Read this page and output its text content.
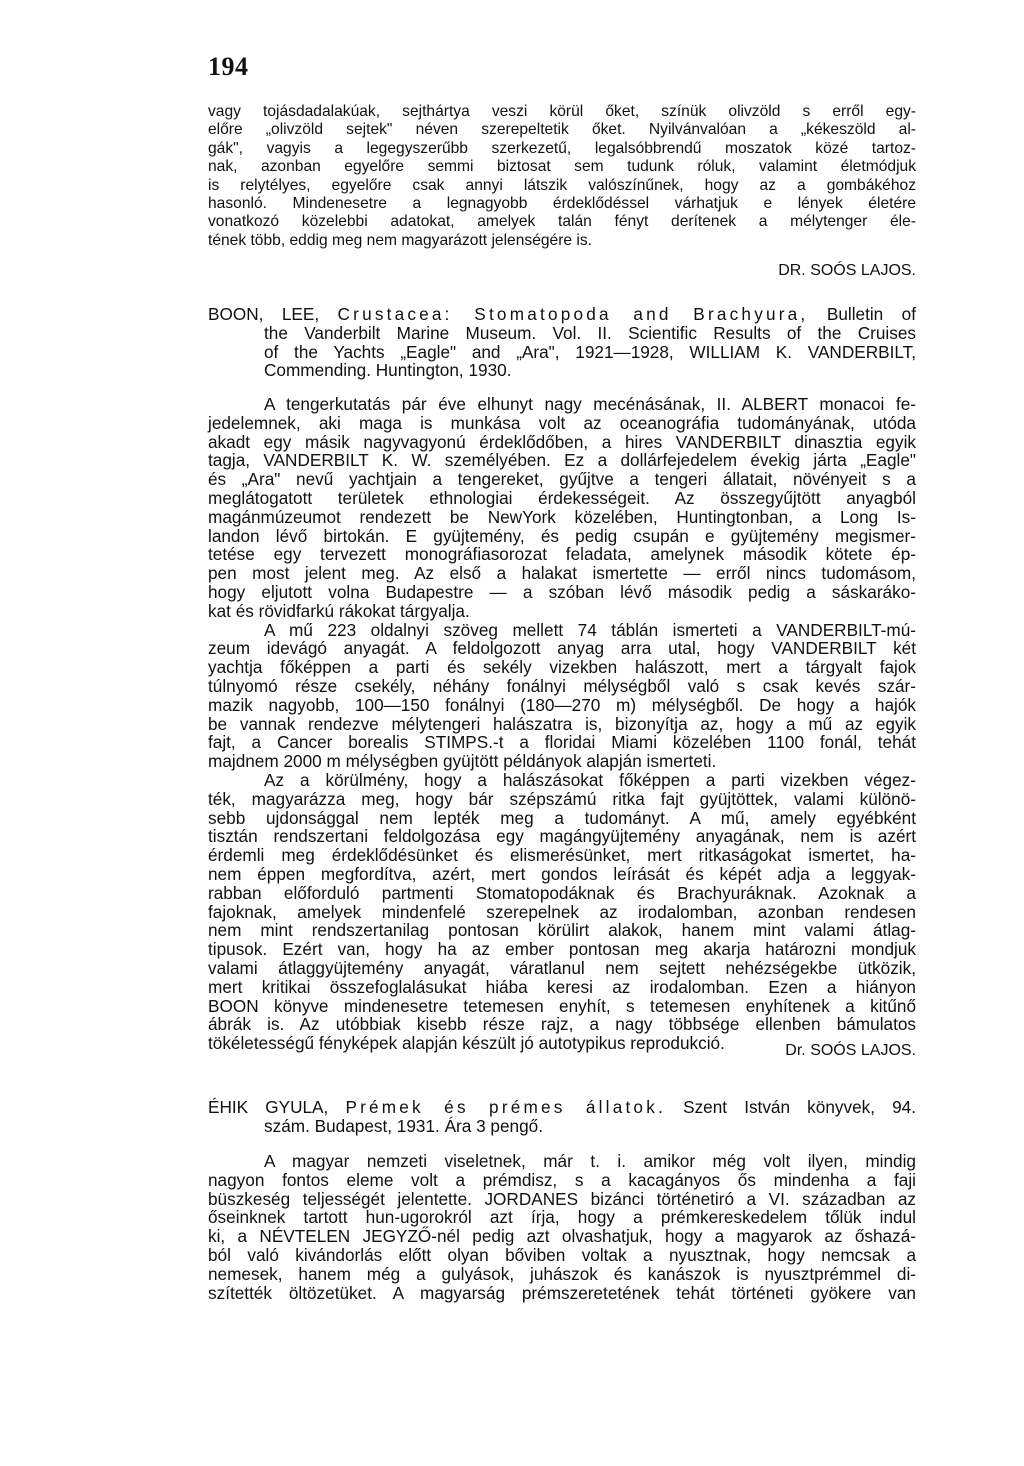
194
vagy tojásdadalakúak, sejthártya veszi körül őket, színük olivzöld s erről egy-
előre „olivzöld sejtek" néven szerepeltetik őket. Nyilvánvalóan a „kékeszöld al-
gák", vagyis a legegyszerűbb szerkezetű, legalsóbbrendű moszatok közé tartoz-
nak, azonban egyelőre semmi biztosat sem tudunk róluk, valamint életmódjuk
is relytélyes, egyelőre csak annyi látszik valószínűnek, hogy az a gombákéhoz
hasonló. Mindenesetre a legnagyobb érdeklődéssel várhatjuk e lények életére
vonatkozó közelebbi adatokat, amelyek talán fényt derítenek a mélytenger éle-
tének több, eddig meg nem magyarázott jelenségére is.
DR. SOÓS LAJOS.
BOON, LEE, Crustacea: Stomatopoda and Brachyura, Bulletin of
the Vanderbilt Marine Museum. Vol. II. Scientific Results of the Cruises
of the Yachts „Eagle" and „Ara", 1921—1928, WILLIAM K. VANDERBILT,
Commending. Huntington, 1930.
A tengerkutatás pár éve elhunyt nagy mecénásának, II. ALBERT monacoi fe-
jedelemnek, aki maga is munkása volt az oceanográfia tudományának, utóda
akadt egy másik nagyvagyonú érdeklődőben, a hires VANDERBILT dinasztia egyik
tagja, VANDERBILT K. W. személyében. Ez a dollárfejedelem évekig járta „Eagle"
és „Ara" nevű yachtjain a tengereket, gyűjtve a tengeri állatait, növényeit s a
meglátogatott területek ethnologiai érdekességeit. Az összegyűjtött anyagból
magánmúzeumot rendezett be NewYork közelében, Huntingtonban, a Long Is-
landon lévő birtokán. E gyüjtemény, és pedig csupán e gyüjtemény megismer-
tetése egy tervezett monográfiasorozat feladata, amelynek második kötete ép-
pen most jelent meg. Az első a halakat ismertette — erről nincs tudomásom,
hogy eljutott volna Budapestre — a szóban lévő második pedig a sáskarákо-
kat és rövidfarkú rákokat tárgyalja.
A mű 223 oldalnyi szöveg mellett 74 táblán ismerteti a VANDERBILT-mú-
zeum idevágó anyagát. A feldolgozott anyag arra utal, hogy VANDERBILT két
yachtja főképpen a parti és sekély vizekben halászott, mert a tárgyalt fajok
túlnyomó része csekély, néhány fonálnyi mélységből való s csak kevés szár-
mazik nagyobb, 100—150 fonálnyi (180—270 m) mélységből. De hogy a hajók
be vannak rendezve mélytengeri halászatra is, bizonyítja az, hogy a mű az egyik
fajt, a Cancer borealis STIMPS.-t a floridai Miami közelében 1100 fonál, tehát
majdnem 2000 m mélységben gyüjtött példányok alapján ismerteti.
Az a körülmény, hogy a halászásokat főképpen a parti vizekben végez-
ték, magyarázza meg, hogy bár szépszámú ritka fajt gyüjtöttek, valami különö-
sebb ujdonsággal nem lepték meg a tudományt. A mű, amely egyébként
tisztán rendszertani feldolgozása egy magángyüjtemény anyagának, nem is azért
érdemli meg érdeklődésünket és elismerésünket, mert ritkaságokat ismertet, ha-
nem éppen megfordítva, azért, mert gondos leírását és képét adja a leggyak-
rabban előforduló partmenti Stomatopodáknak és Brachyuráknak. Azoknak a
fajoknak, amelyek mindenfelé szerepelnek az irodalomban, azonban rendesen
nem mint rendszertanilag pontosan körülirt alakok, hanem mint valami átlag-
tipusok. Ezért van, hogy ha az ember pontosan meg akarja határozni mondjuk
valami átlaggyüjtemény anyagát, váratlanul nem sejtett nehézségekbe ütközik,
mert kritikai összefoglalásukat hiába keresi az irodalomban. Ezen a hiányon
BOON könyve mindenesetre tetemesen enyhít, s tetemesen enyhítenek a kitűnő
ábrák is. Az utóbbiak kisebb része rajz, a nagy többsége ellenben bámulatos
tökéletességű fényképek alapján készült jó autotypikus reprodukció.	Dr. SOÓS LAJOS.
ÉHIK GYULA, Prémek és prémes állatok. Szent István könyvek, 94.
szám. Budapest, 1931. Ára 3 pengő.
A magyar nemzeti viseletnek, már t. i. amikor még volt ilyen, mindig
nagyon fontos eleme volt a prémdisz, s a kacagányos ős mindenha a faji
büszkeség teljességét jelentette. JORDANES bizánci történetiró a VI. században az
őseinknek tartott hun-ugorokról azt írja, hogy a prémkereskedelem tőlük indul
ki, a NÉVTELEN JEGYZŐ-nél pedig azt olvashatjuk, hogy a magyarok az őshazá-
ból való kivándorlás előtt olyan bőviben voltak a nyusztnak, hogy nemcsak a
nemesek, hanem még a gulyások, juhászok és kanászok is nyusztprémmel di-
szítették öltözetüket. A magyarság prémszeretetének tehát történeti gyökere van
